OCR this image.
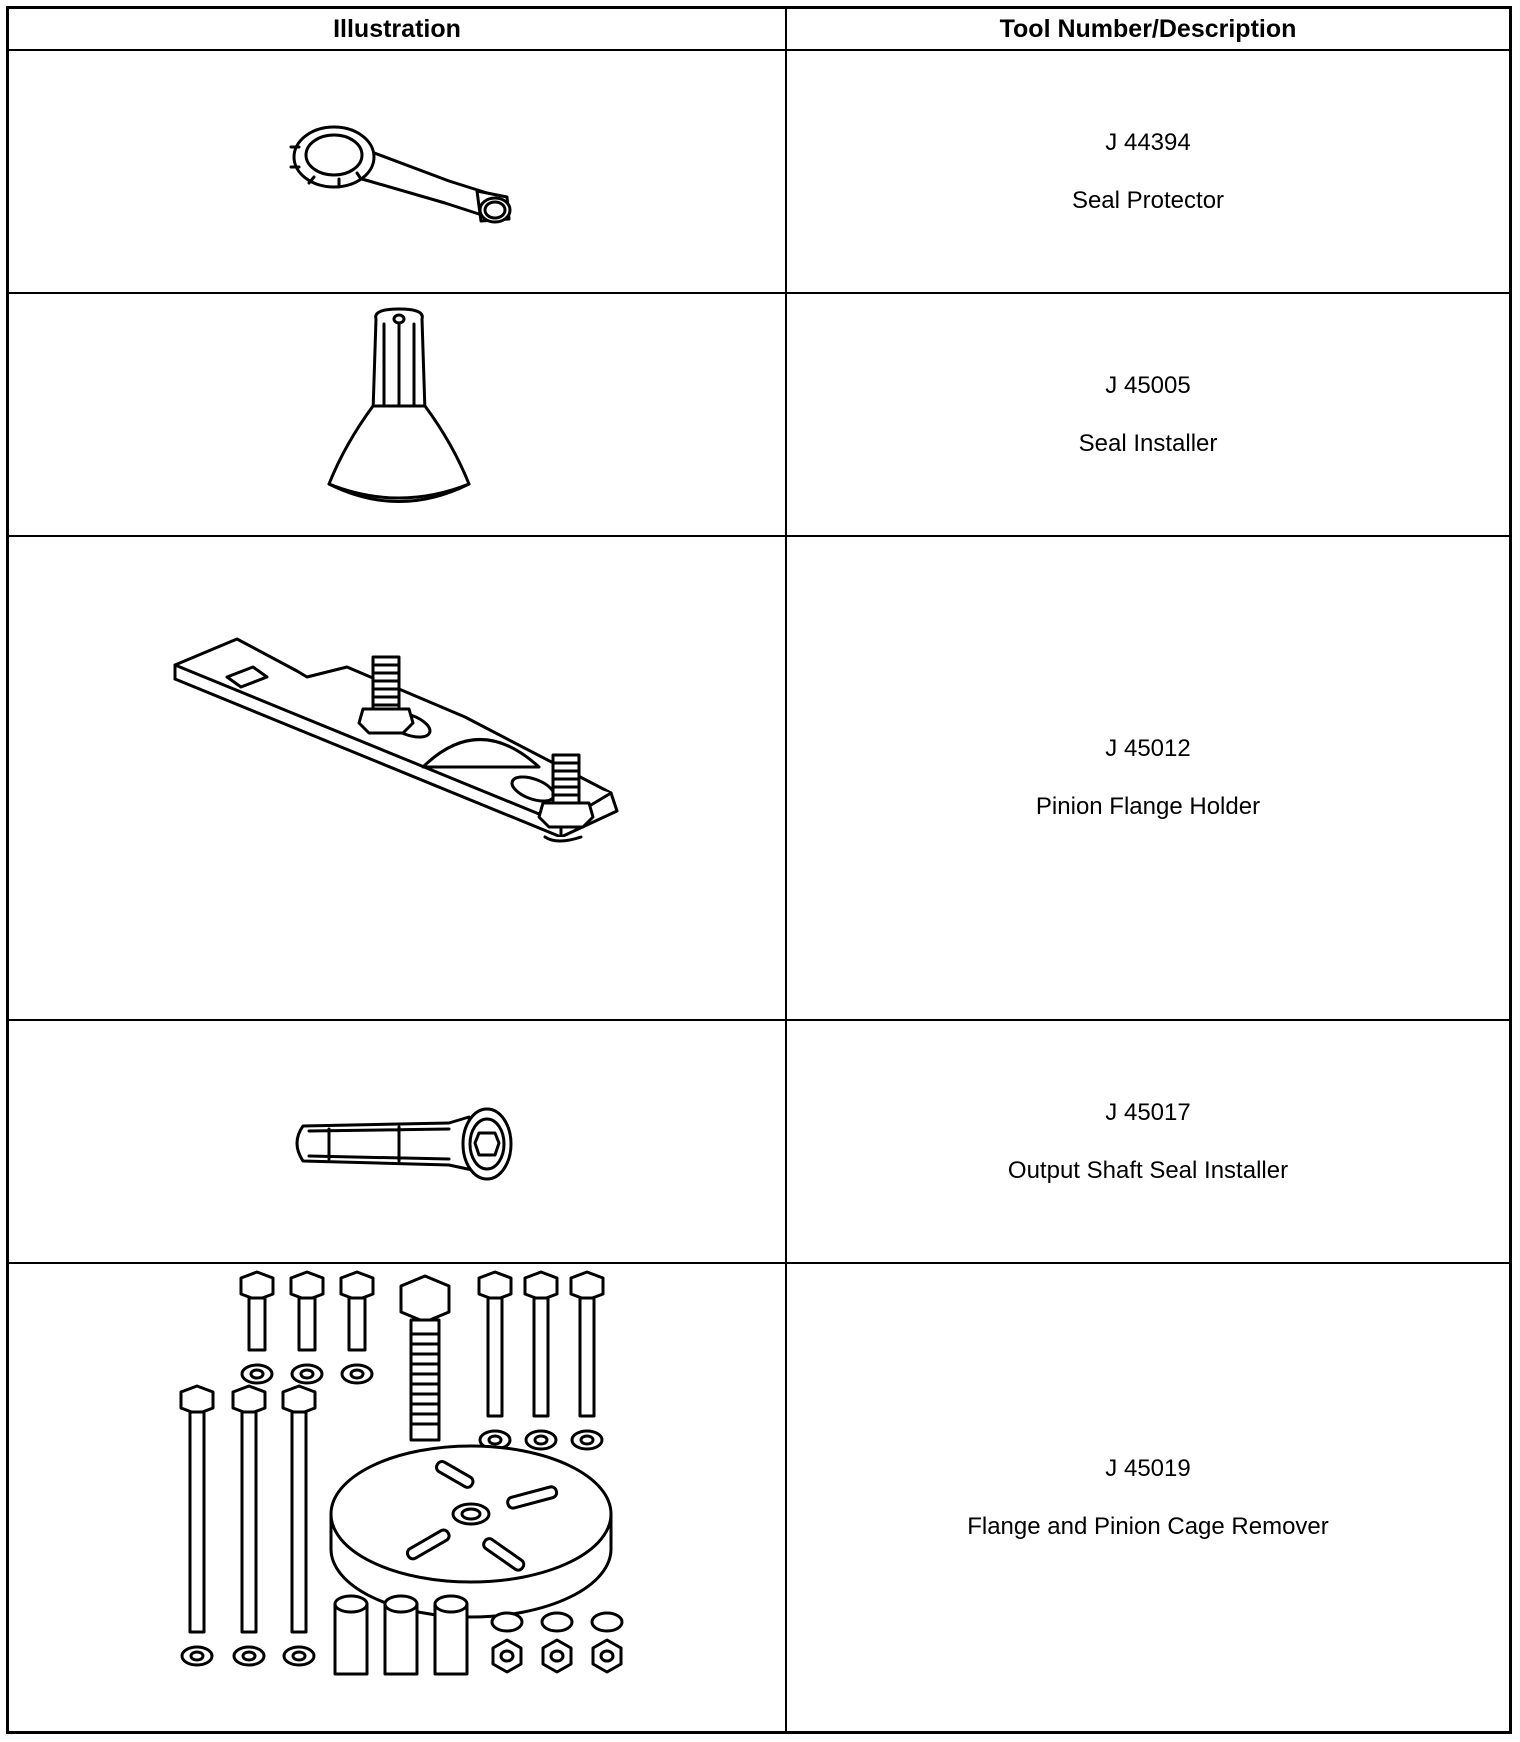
Illustration	Tool Number/Description
J 44394
Seal Protector
J 45005
Seal Installer
J 45012
Pinion Flange Holder
J 45017
Output Shaft Seal Installer
J 45019
Flange and Pinion Cage Remover
